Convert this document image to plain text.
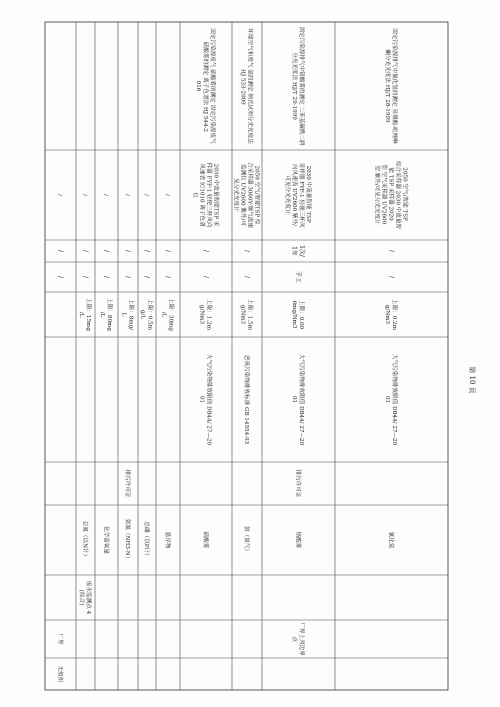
无组织
厂界
/
/
/
废水监测点 4(综合)
总氮（以N计）
上限：15mg/L
/
/
/
化学需氧量
上限：80mg/L
/
/
/
氨氮（NH3-N）
排污许可证
上限：8mg/L
/
/
/
总磷（以P计）
上限：0.5mg/L
/
/
/
悬浮物
上限：30mg/L
/
/
/
硫酸雾
大气污染物排放限值 DB44/ 27—2001
上限：1.2mg/Nm3
/
/
2030 中流量智能TSP 采样器 FYF-1 轻便三杯风向风速表 IC1010 离子色谱仪
固定污染源废气 硫酸雾的测定 固定污染源废气 硫酸雾的测定 离子色谱法 HJ 544-2016
氨（氨气）
恶臭污染物排放标准 GB 14554-93
上限：1.5mg/Nm3
/
/
2050 空气/智能TSP 综合采样器 3060Y-爆气流速监测仪 UV2600 紫外/可见分光光度计
环境空气和废气 氨的测定 纳氏试剂分光光度法 HJ 533-2009
厂界上风边界点
铬酸雾
排污许可证
大气污染物排放限值 DB44/ 27—2001
上限：0.006mg/Nm3
手工
1次/1年
2030 中流量智能 TSP 采样器 FYF-1 轻便三杯风向风速表 UV2600 紫外/可见分光光度计
固定污染源排气中铬酸雾的测定 二苯基碳酰二肼分光光度法 HJ/T 29-1999
氰化氢
大气污染物排放限值 DB44/ 27—2001
上限：0.2mg/Nm3
/
/
2050 空气/智能 TSP 综合采样器 2030 中流量智能 TSP 采样器 2020 型 空气采样器 UV2600 型 紫外/可见分光光度计
固定污染源排气中氰化氢的测定 异烟酸-吡唑啉酮分光光度法 HJ/T 28-1999
第 10 页
